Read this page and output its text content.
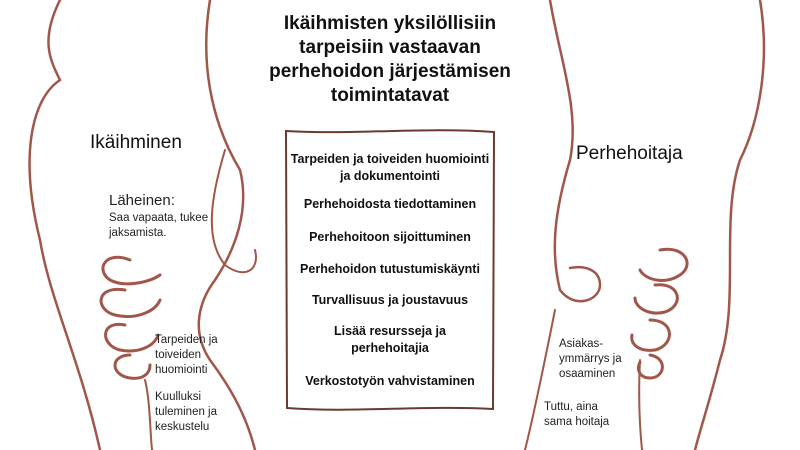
Ikäihmisten yksilöllisiin tarpeisiin vastaavan perhehoidon järjestämisen toimintatavat
Tarpeiden ja toiveiden huomiointi ja dokumentointi
Perhehoidosta tiedottaminen
Perhehoitoon sijoittuminen
Perhehoidon tutustumiskäynti
Turvallisuus ja joustavuus
Lisää resursseja ja perhehoitajia
Verkostotyön vahvistaminen
Ikäihminen
Läheinen:
Saa vapaata, tukee jaksamista.
Tarpeiden ja toiveiden huomiointi
Kuulluksi tuleminen ja keskustelu
Perhehoitaja
Asiakas-ymmärrys ja osaaminen
Tuttu, aina sama hoitaja
